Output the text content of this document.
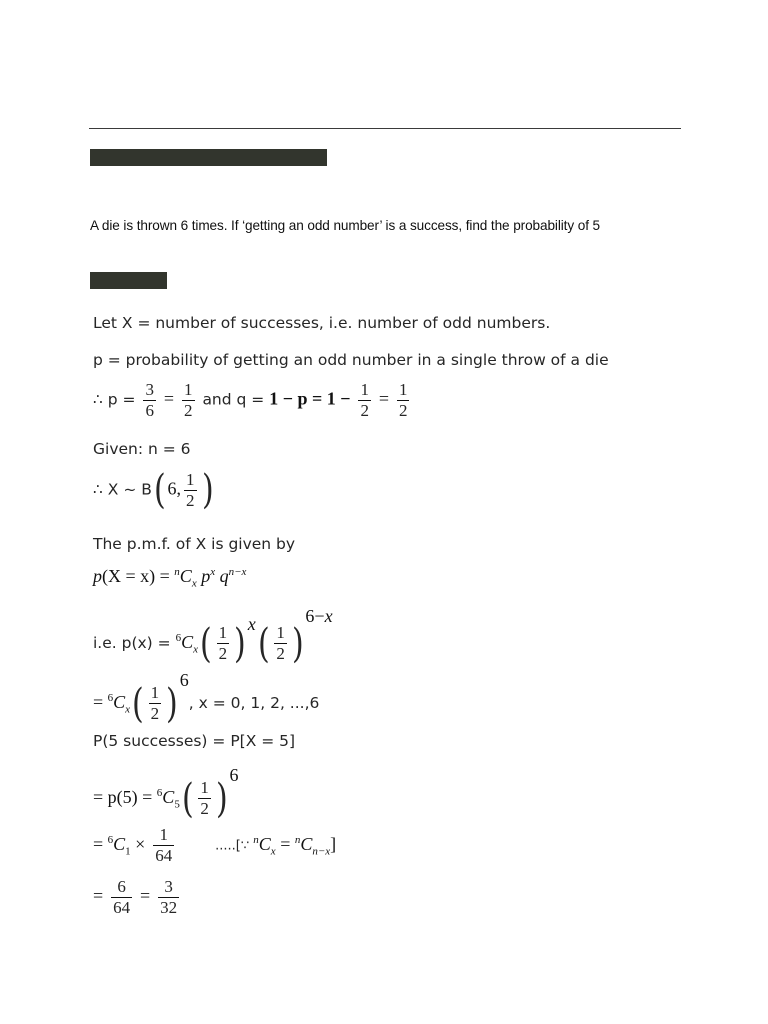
A die is thrown 6 times. If ‘getting an odd number’ is a success, find the probability of 5
Let X = number of successes, i.e. number of odd numbers.
p = probability of getting an odd number in a single throw of a die
∴ $p = \frac{3}{6} = \frac{1}{2}$ and $q = 1 - p = 1 - \frac{1}{2} = \frac{1}{2}$
Given: n = 6
∴ X ~ B( 6, $\frac{1}{2}$ )
The p.m.f. of X is given by
$p(X = x) = ^nC_x$ $p^x$ $q^{n-x}$
i.e. $p(x) = ^6C_x( \frac{1}{2}$ ) $^x( \frac{1}{2} )^{6-x}$
= $^6C_x( \frac{1}{2} )^6$, x = 0, 1, 2, ...,6
P(5 successes) = P[X = 5]
= $p(5) = ^6C_5( \frac{1}{2} )^6$
= $^6C_1 \times \frac{1}{64}$	.....[∵ $^nC_x = ^nC_{n-x}$]
= $\frac{6}{64} = \frac{3}{32}$
